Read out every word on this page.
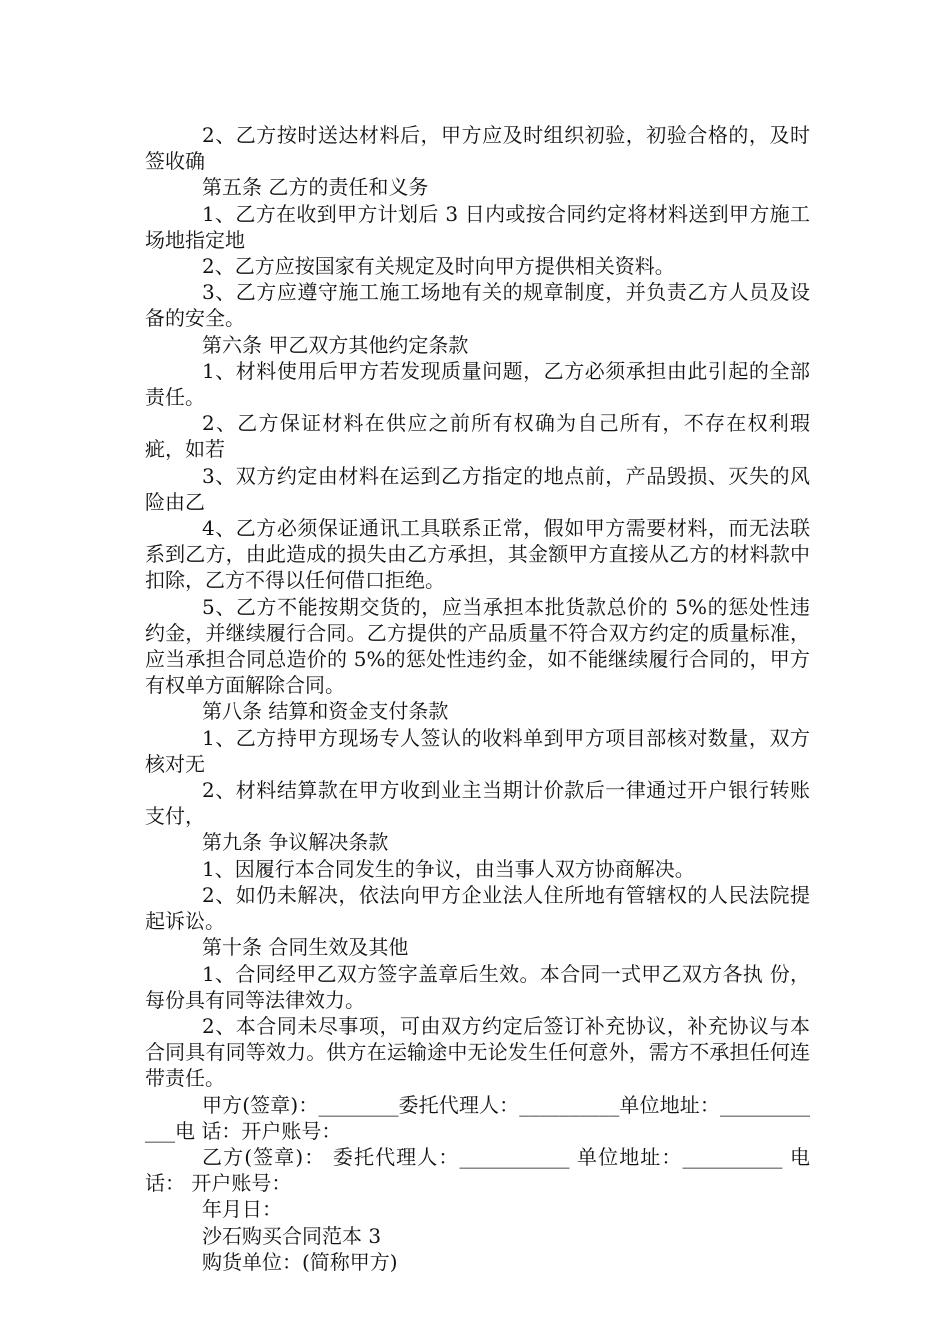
2、乙方按时送达材料后，甲方应及时组织初验，初验合格的，及时签收确

第五条 乙方的责任和义务

1、乙方在收到甲方计划后 3 日内或按合同约定将材料送到甲方施工场地指定地

2、乙方应按国家有关规定及时向甲方提供相关资料。

3、乙方应遵守施工施工场地有关的规章制度，并负责乙方人员及设备的安全。

第六条 甲乙双方其他约定条款

1、材料使用后甲方若发现质量问题，乙方必须承担由此引起的全部责任。

2、乙方保证材料在供应之前所有权确为自己所有，不存在权利瑕疵，如若

3、双方约定由材料在运到乙方指定的地点前，产品毁损、灭失的风险由乙

4、乙方必须保证通讯工具联系正常，假如甲方需要材料，而无法联系到乙方，由此造成的损失由乙方承担，其金额甲方直接从乙方的材料款中扣除，乙方不得以任何借口拒绝。

5、乙方不能按期交货的，应当承担本批货款总价的 5%的惩处性违约金，并继续履行合同。乙方提供的产品质量不符合双方约定的质量标准，应当承担合同总造价的 5%的惩处性违约金，如不能继续履行合同的，甲方有权单方面解除合同。

第八条 结算和资金支付条款

1、乙方持甲方现场专人签认的收料单到甲方项目部核对数量，双方核对无

2、材料结算款在甲方收到业主当期计价款后一律通过开户银行转账支付，

第九条 争议解决条款

1、因履行本合同发生的争议，由当事人双方协商解决。

2、如仍未解决，依法向甲方企业法人住所地有管辖权的人民法院提起诉讼。

第十条 合同生效及其他

1、合同经甲乙双方签字盖章后生效。本合同一式甲乙双方各执 份，每份具有同等法律效力。

2、本合同未尽事项，可由双方约定后签订补充协议，补充协议与本合同具有同等效力。供方在运输途中无论发生任何意外，需方不承担任何连带责任。

甲方(签章)：________委托代理人：__________单位地址：____________电 话：开户账号：

乙方(签章)： 委托代理人：___________ 单位地址：__________ 电 话： 开户账号：

年月日：

沙石购买合同范本 3

购货单位：(简称甲方)
